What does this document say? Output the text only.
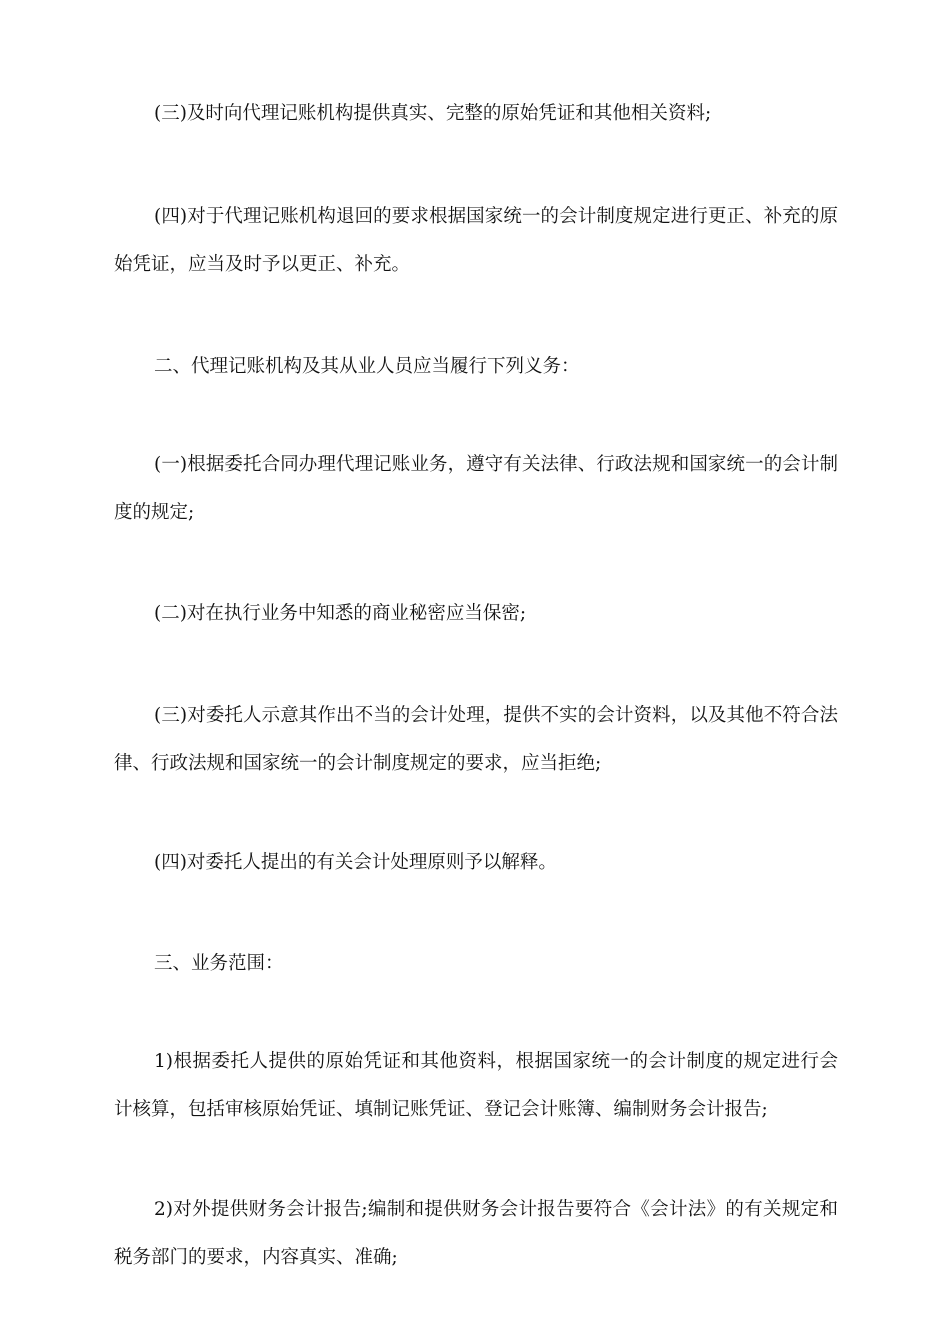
(三)及时向代理记账机构提供真实、完整的原始凭证和其他相关资料;

(四)对于代理记账机构退回的要求根据国家统一的会计制度规定进行更正、补充的原始凭证，应当及时予以更正、补充。

二、代理记账机构及其从业人员应当履行下列义务：

(一)根据委托合同办理代理记账业务，遵守有关法律、行政法规和国家统一的会计制度的规定;

(二)对在执行业务中知悉的商业秘密应当保密;

(三)对委托人示意其作出不当的会计处理，提供不实的会计资料，以及其他不符合法律、行政法规和国家统一的会计制度规定的要求，应当拒绝;

(四)对委托人提出的有关会计处理原则予以解释。

三、业务范围：

1)根据委托人提供的原始凭证和其他资料，根据国家统一的会计制度的规定进行会计核算，包括审核原始凭证、填制记账凭证、登记会计账簿、编制财务会计报告;

2)对外提供财务会计报告;编制和提供财务会计报告要符合《会计法》的有关规定和税务部门的要求，内容真实、准确;
